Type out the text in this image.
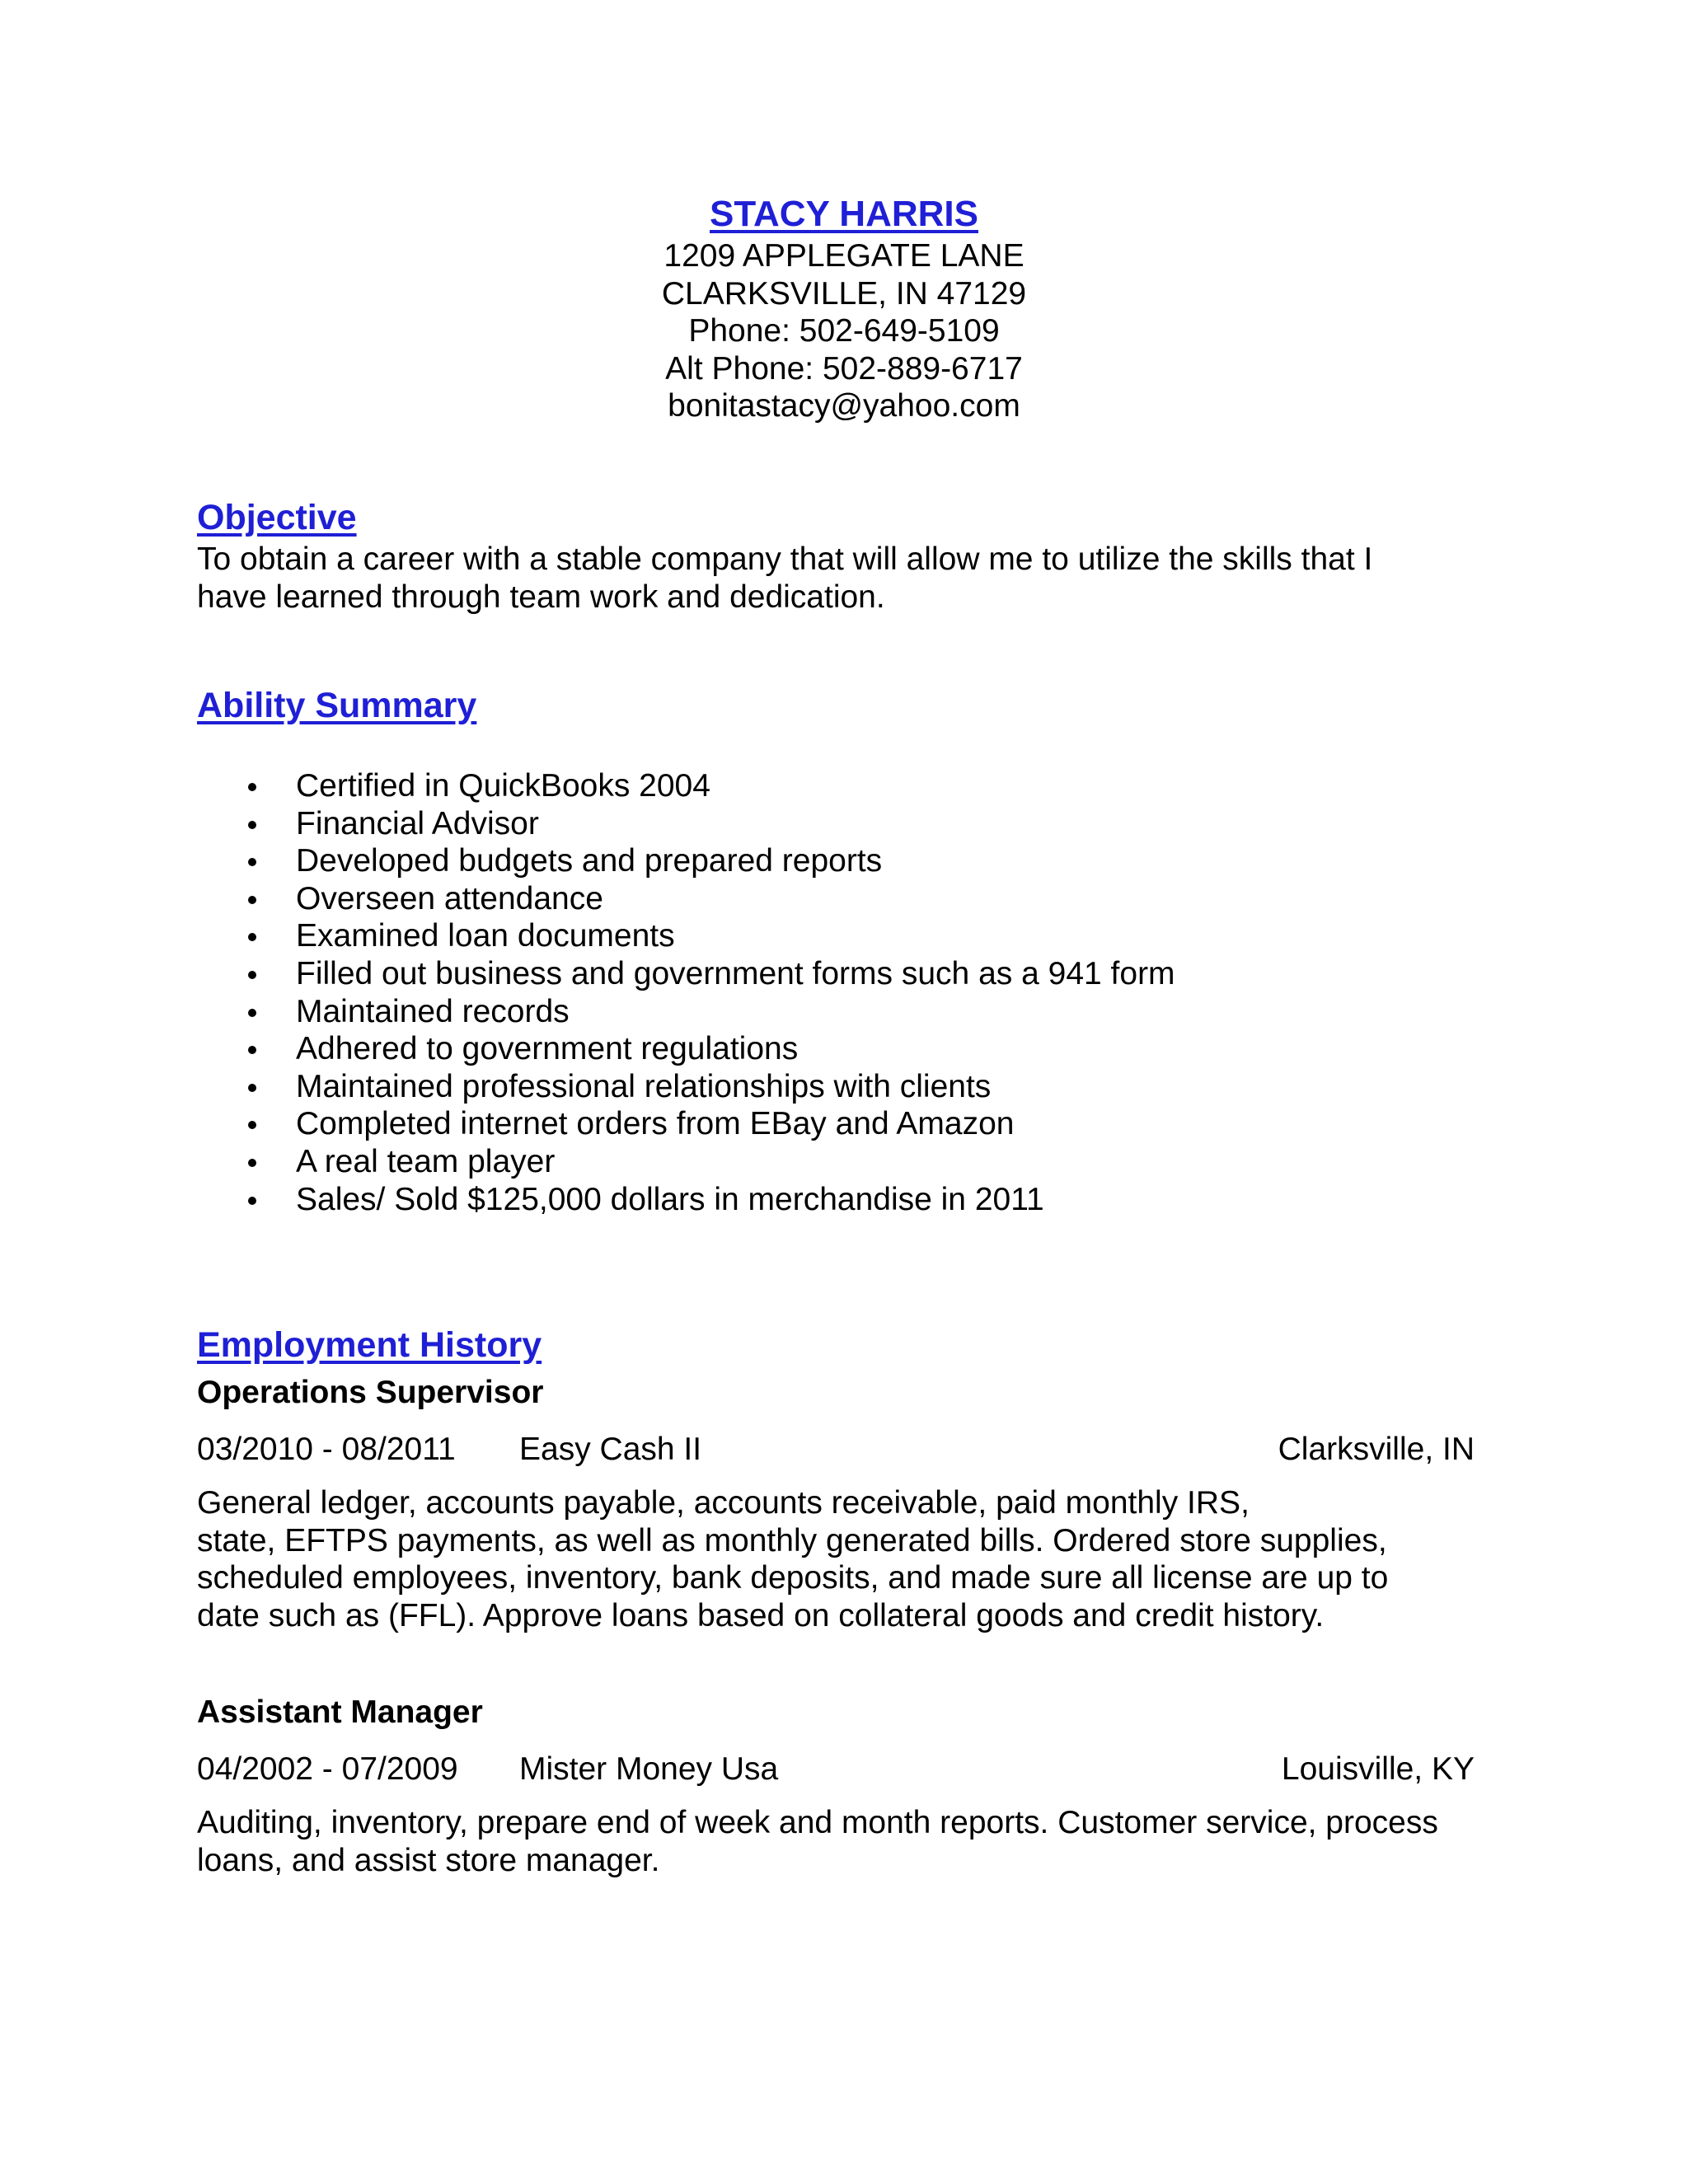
STACY HARRIS
1209 APPLEGATE LANE
CLARKSVILLE, IN 47129
Phone: 502-649-5109
Alt Phone: 502-889-6717
bonitastacy@yahoo.com
Objective
To obtain a career with a stable company that will allow me to utilize the skills that I
have learned through team work and dedication.
Ability Summary
Certified in QuickBooks 2004
Financial Advisor
Developed budgets and prepared reports
Overseen attendance
Examined loan documents
Filled out business and government forms such as a 941 form
Maintained records
Adhered to government regulations
Maintained professional relationships with clients
Completed internet orders from EBay and Amazon
A real team player
Sales/ Sold $125,000 dollars in merchandise in 2011
Employment History
Operations Supervisor
03/2010 - 08/2011 Easy Cash II	Clarksville, IN
General ledger, accounts payable, accounts receivable, paid monthly IRS,
state, EFTPS payments, as well as monthly generated bills. Ordered store supplies,
scheduled employees, inventory, bank deposits, and made sure all license are up to
date such as (FFL). Approve loans based on collateral goods and credit history.
Assistant Manager
04/2002 - 07/2009 Mister Money Usa	Louisville, KY
Auditing, inventory, prepare end of week and month reports. Customer service, process
loans, and assist store manager.
